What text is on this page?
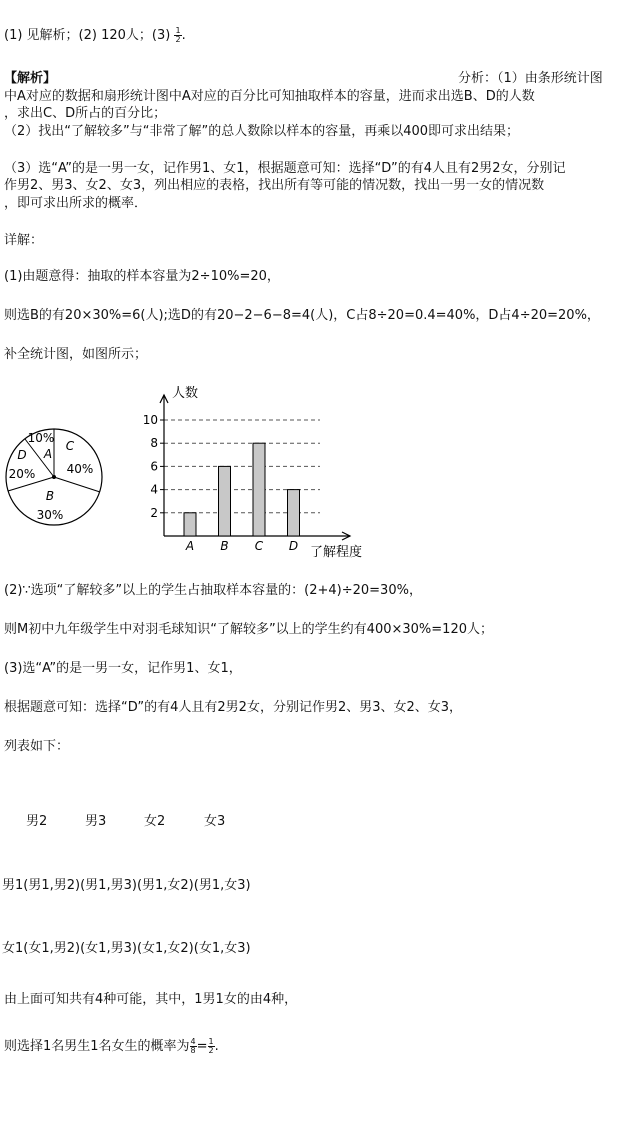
(1) 见解析；(2) 120人；$(3) \frac{1}{2}$ .
【解析】	分析：（1）由条形统计图
中A对应的数据和扇形统计图中A对应的百分比可知抽取样本的容量，进而求出选B、D的人数
，求出C、D所占的百分比；
（2）找出“了解较多”与“非常了解”的总人数除以样本的容量，再乘以400即可求出结果；
（3）选“A”的是一男一女，记作男1、女1，根据题意可知：选择“D”的有4人且有2男2女，分别记
作男2、男3、女2、女3，列出相应的表格，找出所有等可能的情况数，找出一男一女的情况数
，即可求出所求的概率．
详解：
(1)由题意得：抽取的样本容量为2÷10%=20，
则选B的有20×30%=6(人);选D的有20−2−6−8=4(人)，C占8÷20=0.4=40%，D占4÷20=20%，
补全统计图，如图所示；
10%
A
C
40%
D
20%
B
30%
人数
了解程度
2
4
6
8
10
A B C D
(2)∵选项“了解较多”以上的学生占抽取样本容量的：(2+4)÷20=30%，
则M初中九年级学生中对羽毛球知识“了解较多”以上的学生约有400×30%=120人；
(3)选“A”的是一男一女，记作男1、女1，
根据题意可知：选择“D”的有4人且有2男2女，分别记作男2、男3、女2、女3，
列表如下：
男2	男3	女2	女3
男1(男1,男2)(男1,男3)(男1,女2)(男1,女3)
女1(女1,男2)(女1,男3)(女1,女2)(女1,女3)
由上面可知共有4种可能，其中，1男1女的由4种，
则选择1名男生1名女生的概率为 $\frac{4}{8} = \frac{1}{2}$ .
